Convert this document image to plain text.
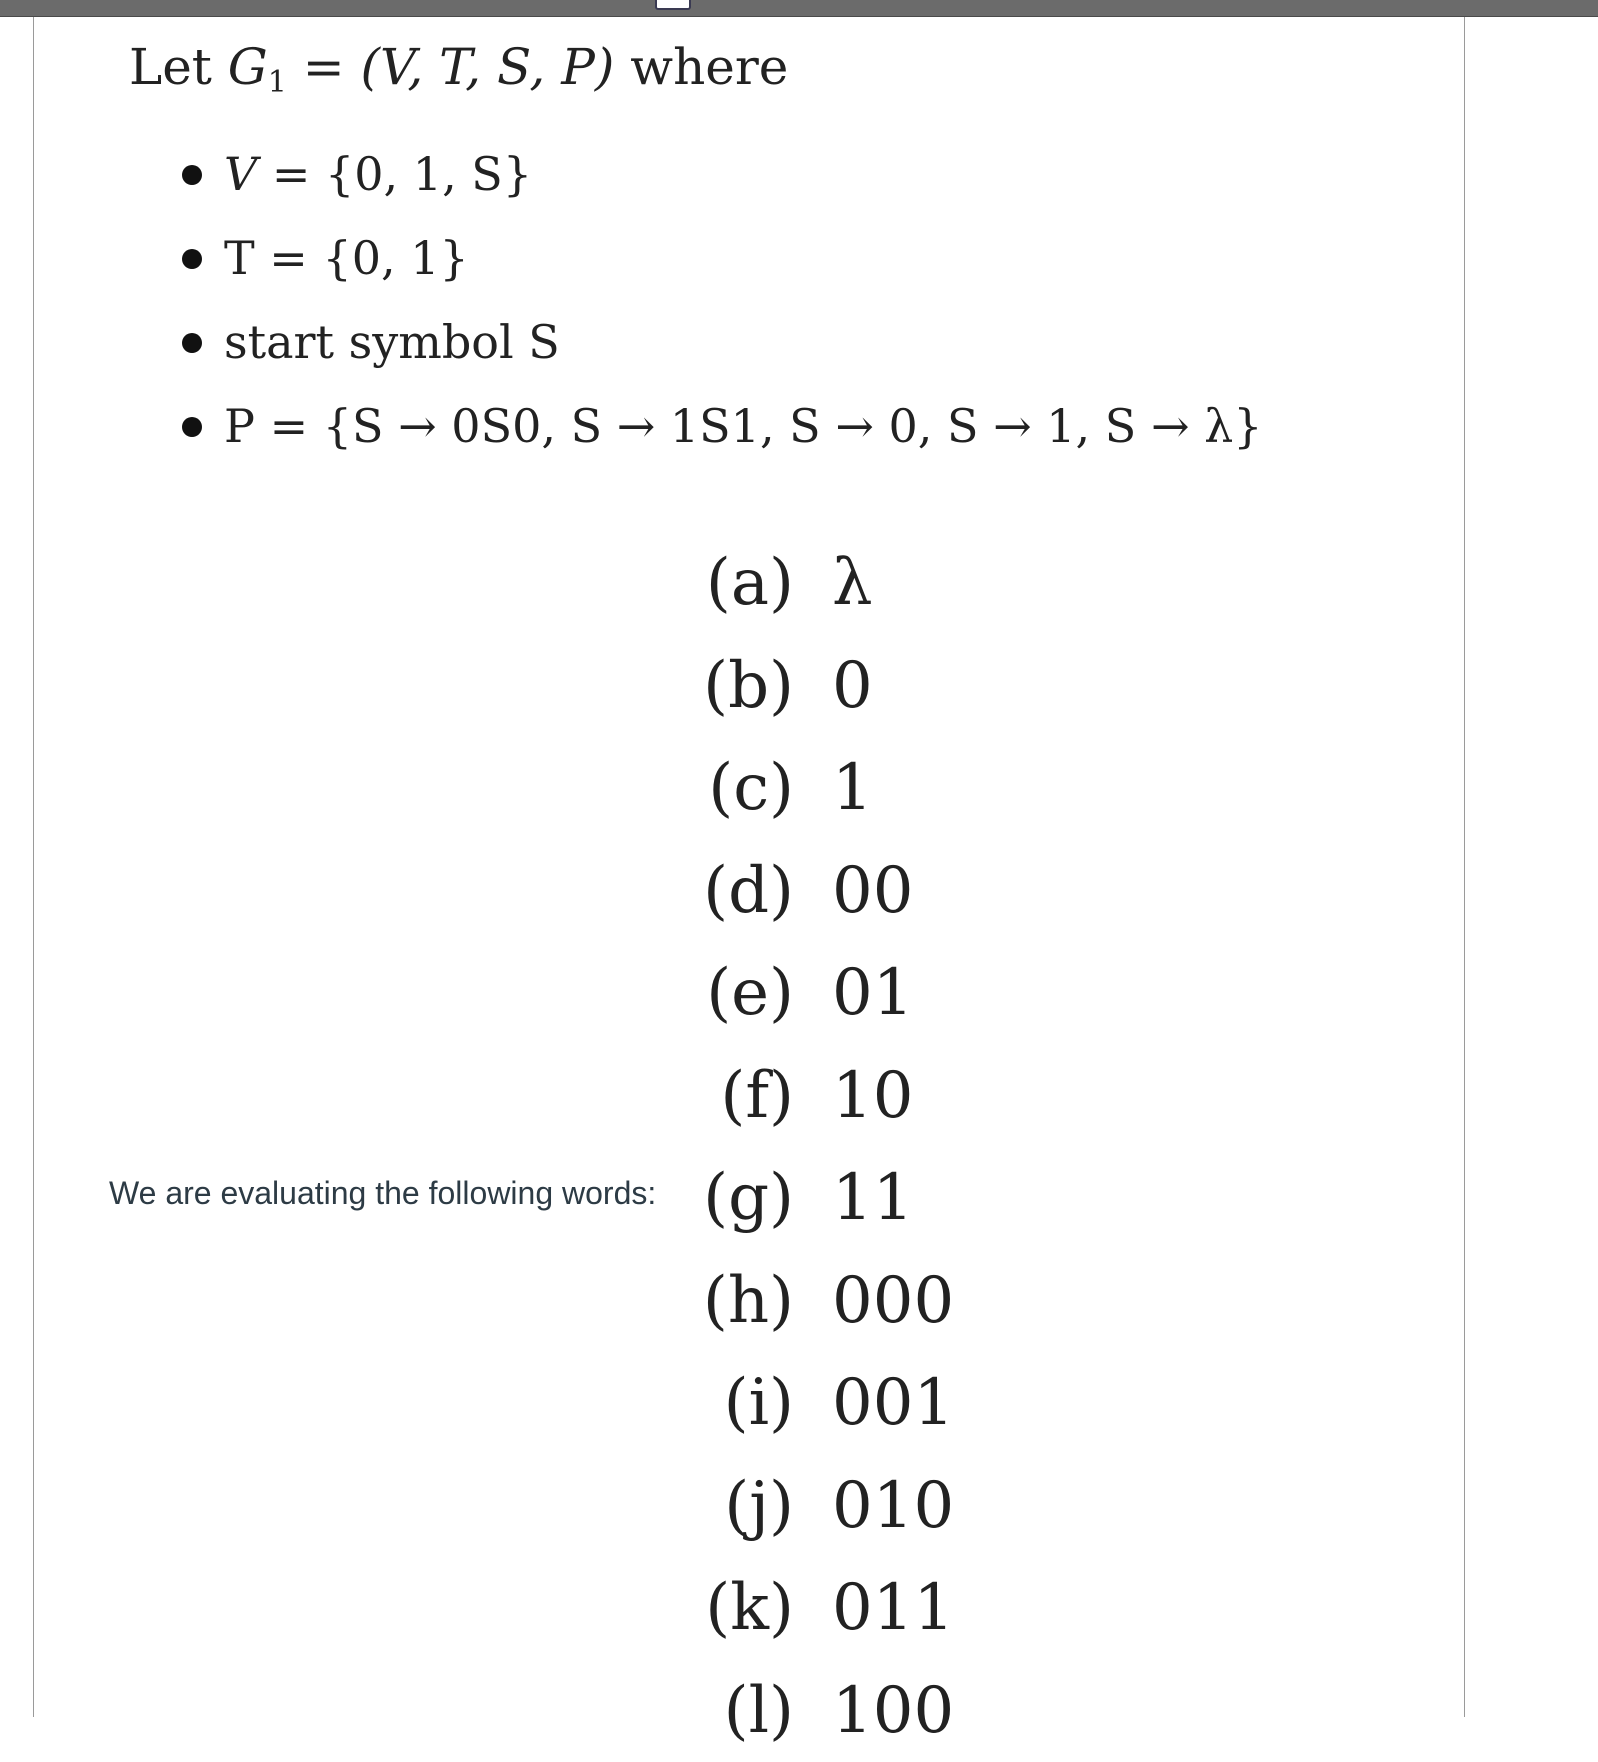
Let $G_1 = (V$, T, S, P) where
V = {0, 1, S}
T = {0, 1}
start symbol S
P = {S → 0S0, S → 1S1, S → 0, S → 1, S → λ}
We are evaluating the following words:
(a) λ
(b) 0
(c) 1
(d) 00
(e) 01
(f) 10
(g) 11
(h) 000
(i) 001
(j) 010
(k) 011
(l) 100
